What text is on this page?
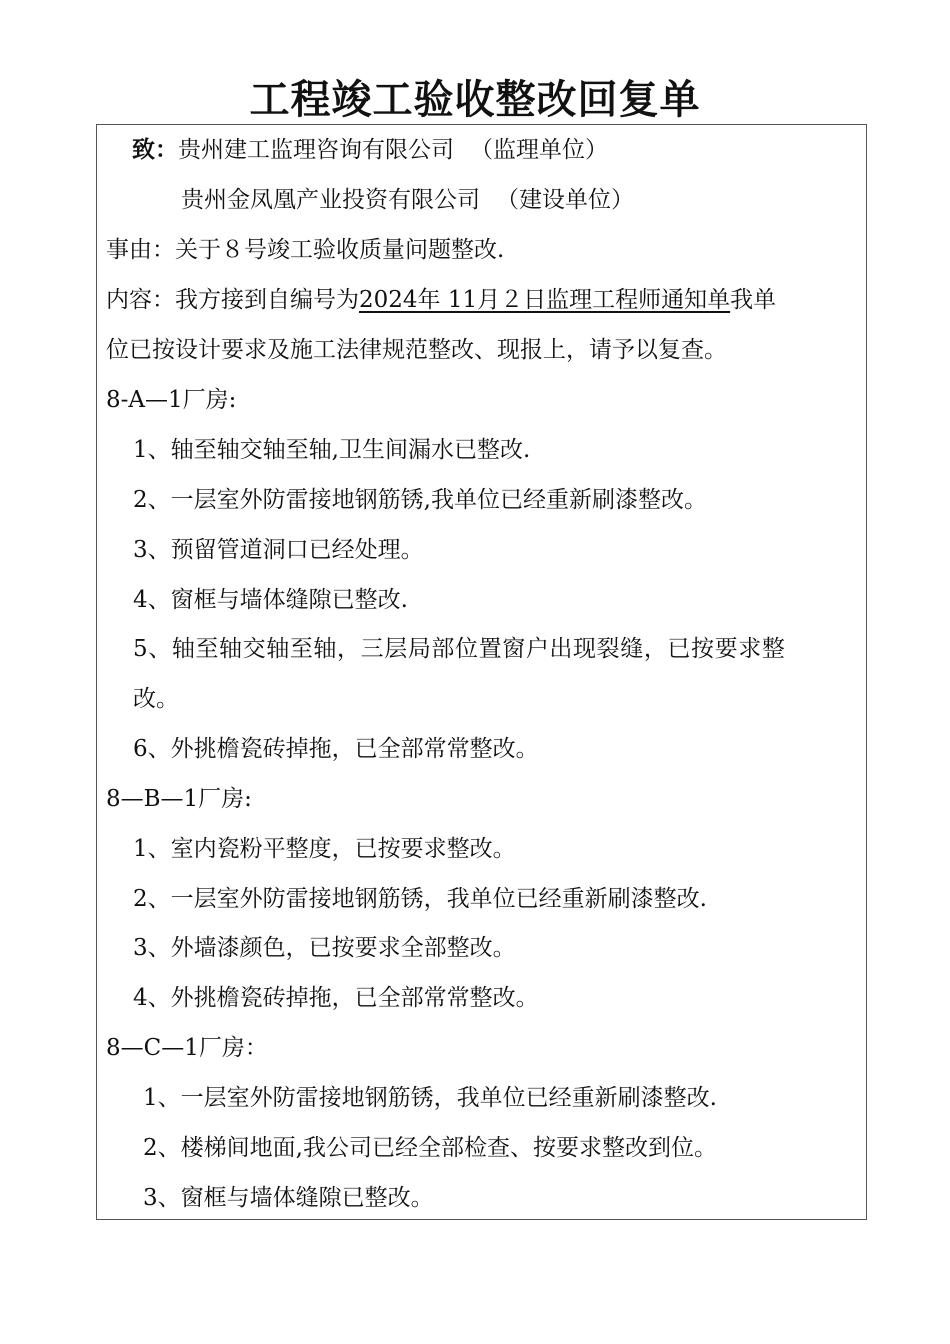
工程竣工验收整改回复单
致：贵州建工监理咨询有限公司 （监理单位）
贵州金凤凰产业投资有限公司 （建设单位）
事由：关于８号竣工验收质量问题整改.
内容：我方接到自编号为2024年 11月２日监理工程师通知单我单
位已按设计要求及施工法律规范整改、现报上，请予以复查。
8-A—1厂房:
1、轴至轴交轴至轴,卫生间漏水已整改.
2、一层室外防雷接地钢筋锈,我单位已经重新刷漆整改。
3、预留管道洞口已经处理。
4、窗框与墙体缝隙已整改.
5、轴至轴交轴至轴，三层局部位置窗户出现裂缝，已按要求整
改。
6、外挑檐瓷砖掉拖，已全部常常整改。
8—B—1厂房:
1、室内瓷粉平整度，已按要求整改。
2、一层室外防雷接地钢筋锈，我单位已经重新刷漆整改.
3、外墙漆颜色，已按要求全部整改。
4、外挑檐瓷砖掉拖，已全部常常整改。
8—C—1厂房：
1、一层室外防雷接地钢筋锈，我单位已经重新刷漆整改.
2、楼梯间地面,我公司已经全部检查、按要求整改到位。
3、窗框与墙体缝隙已整改。
